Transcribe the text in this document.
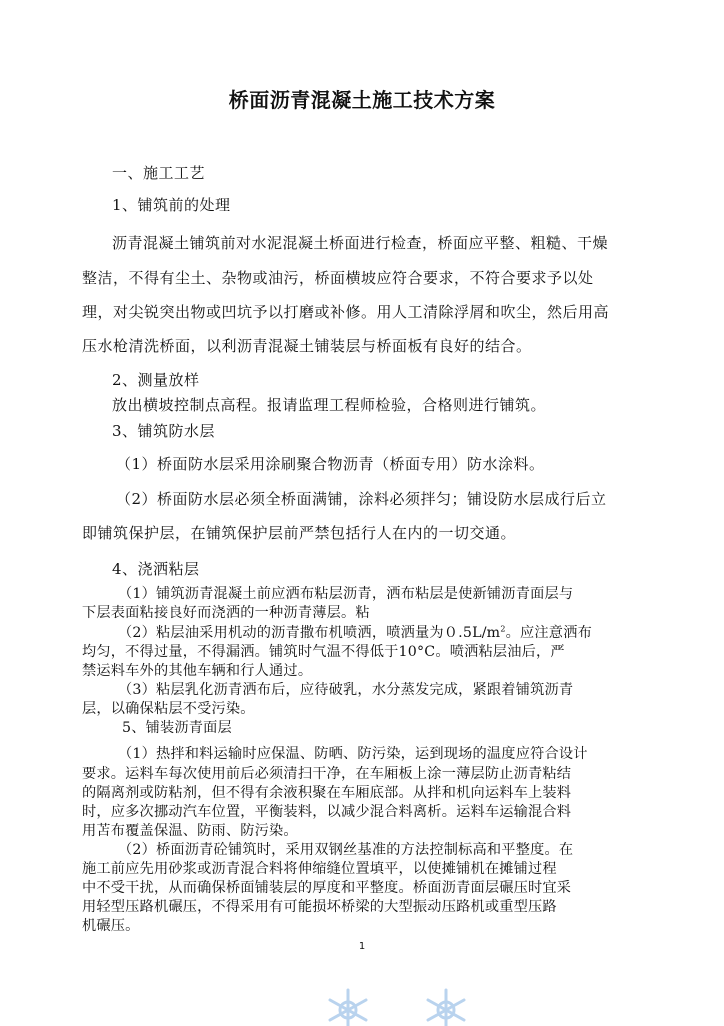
桥面沥青混凝土施工技术方案
一、施工工艺
1、铺筑前的处理
沥青混凝土铺筑前对水泥混凝土桥面进行检查，桥面应平整、粗糙、干燥
整洁，不得有尘土、杂物或油污，桥面横坡应符合要求，不符合要求予以处
理，对尖锐突出物或凹坑予以打磨或补修。用人工清除浮屑和吹尘，然后用高
压水枪清洗桥面，以利沥青混凝土铺装层与桥面板有良好的结合。
2、测量放样
放出横坡控制点高程。报请监理工程师检验，合格则进行铺筑。
3、铺筑防水层
（1）桥面防水层采用涂刷聚合物沥青（桥面专用）防水涂料。
（2）桥面防水层必须全桥面满铺，涂料必须拌匀；铺设防水层成行后立
即铺筑保护层，在铺筑保护层前严禁包括行人在内的一切交通。
4、浇洒粘层
（1）铺筑沥青混凝土前应洒布粘层沥青，洒布粘层是使新铺沥青面层与
下层表面粘接良好而浇洒的一种沥青薄层。粘
（2）粘层油采用机动的沥青撒布机喷洒，喷洒量为$0.5L/m^2$。应注意洒布
均匀，不得过量，不得漏洒。铺筑时气温不得低于10°C。喷洒粘层油后，严
禁运料车外的其他车辆和行人通过。
（3）粘层乳化沥青洒布后，应待破乳，水分蒸发完成，紧跟着铺筑沥青
层，以确保粘层不受污染。
5、铺装沥青面层
（1）热拌和料运输时应保温、防晒、防污染，运到现场的温度应符合设计
要求。运料车每次使用前后必须清扫干净，在车厢板上涂一薄层防止沥青粘结
的隔离剂或防粘剂，但不得有余液积聚在车厢底部。从拌和机向运料车上装料
时，应多次挪动汽车位置，平衡装料，以减少混合料离析。运料车运输混合料
用苫布覆盖保温、防雨、防污染。
（2）桥面沥青砼铺筑时，采用双钢丝基准的方法控制标高和平整度。在
施工前应先用砂浆或沥青混合料将伸缩缝位置填平，以使摊铺机在摊铺过程
中不受干扰，从而确保桥面铺装层的厚度和平整度。桥面沥青面层碾压时宜采
用轻型压路机碾压，不得采用有可能损坏桥梁的大型振动压路机或重型压路
机碾压。
1
